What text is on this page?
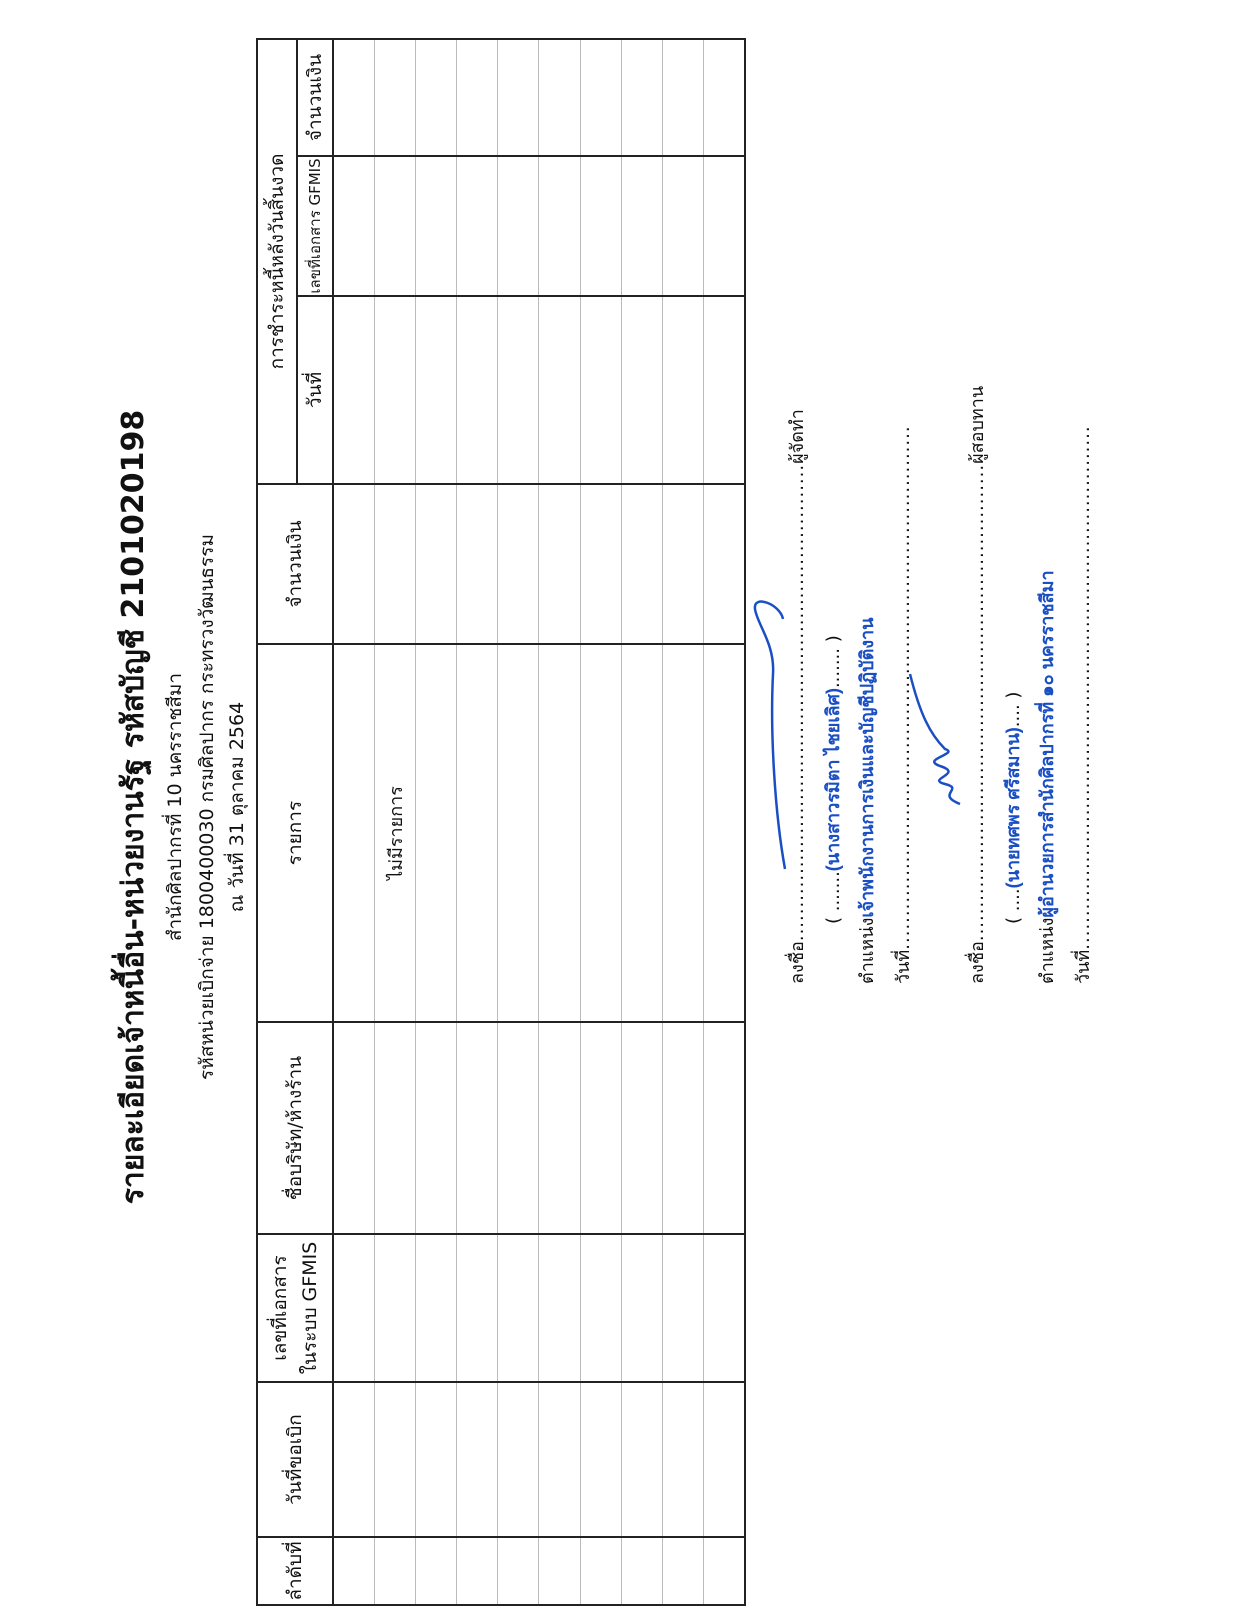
รายละเอียดเจ้าหนี้อื่น-หน่วยงานรัฐ รหัสบัญชี 2101020198 สำนักศิลปากรที่ 10 นครราชสีมา รหัสหน่วยเบิกจ่าย 1800400030 กรมศิลปากร กระทรวงวัฒนธรรม ณ วันที่ 31 ตุลาคม 2564
ลำดับที่	วันที่ขอเบิก	เลขที่เอกสาร ในระบบ GFMIS	ชื่อบริษัท/ห้างร้าน	รายการ	จำนวนเงิน	การชำระหนี้หลังวันสิ้นงวด		
						วันที่	เลขที่เอกสาร GFMIS	จำนวนเงิน

				ไม่มีรายการ				

ลงชื่อ.......................................................................ผู้จัดทำ
( .......(นางสาวรมิตา ไชยเลิศ)....... )
ตำแหน่งเจ้าพนักงานการเงินและบัญชีปฏิบัติงาน
วันที่..............................................................................
ลงชื่อ.......................................................................ผู้สอบทาน
( ....(นายทศพร ศรีสมาน).... )
ตำแหน่งผู้อำนวยการสำนักศิลปากรที่ ๑๐ นครราชสีมา
วันที่..............................................................................
